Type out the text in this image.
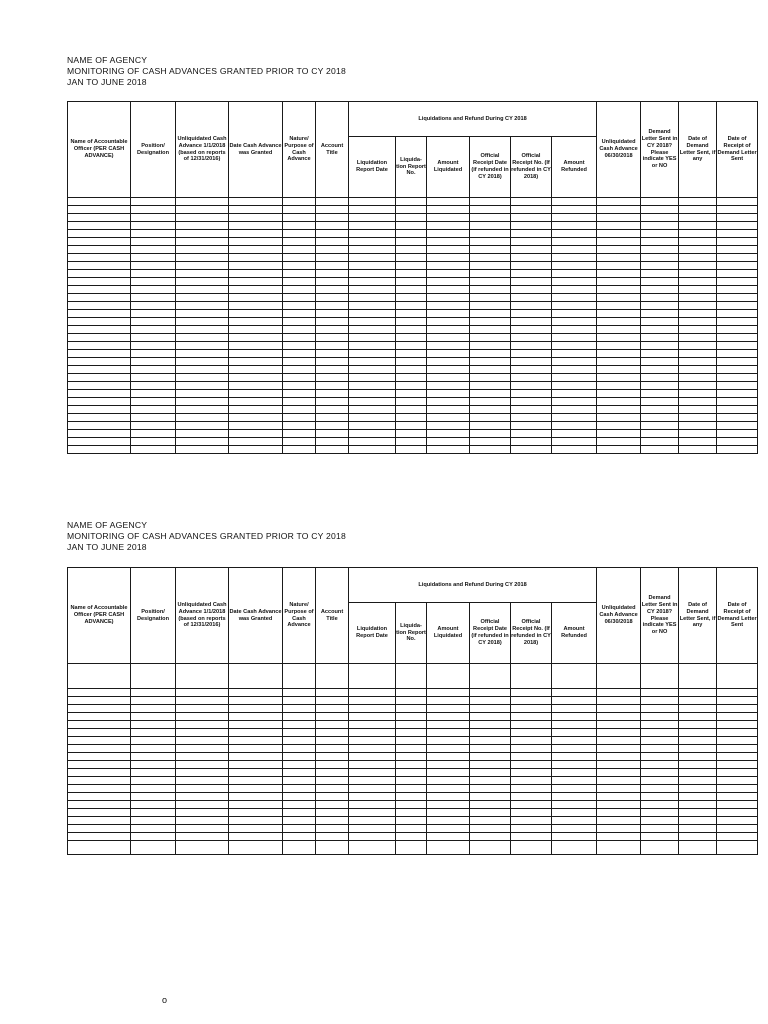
NAME OF AGENCY
MONITORING OF CASH ADVANCES GRANTED PRIOR TO CY 2018
JAN TO JUNE 2018
Name of Accountable Officer (PER CASH ADVANCE)	Position/ Designation	Unliquidated Cash Advance 1/1/2018 (based on reports of 12/31/2016)	Date Cash Advance was Granted	Nature/ Purpose of Cash Advance	Account Title	Liquidations and Refund During CY 2018						Unliquidated Cash Advance 06/30/2018	Demand Letter Sent in CY 2018? Please indicate YES or NO	Date of Demand Letter Sent, if any	Date of Receipt of Demand Letter Sent
						Liquidation Report Date	Liquida-tion Report No.	Amount Liquidated	Official Receipt Date (if refunded in CY 2018)	Official Receipt No. (If refunded in CY 2018)	Amount Refunded				

NAME OF AGENCY
MONITORING OF CASH ADVANCES GRANTED PRIOR TO CY 2018
JAN TO JUNE 2018
Name of Accountable Officer (PER CASH ADVANCE)	Position/ Designation	Unliquidated Cash Advance 1/1/2018 (based on reports of 12/31/2016)	Date Cash Advance was Granted	Nature/ Purpose of Cash Advance	Account Title	Liquidations and Refund During CY 2018						Unliquidated Cash Advance 06/30/2018	Demand Letter Sent in CY 2018? Please indicate YES or NO	Date of Demand Letter Sent, if any	Date of Receipt of Demand Letter Sent
						Liquidation Report Date	Liquida-tion Report No.	Amount Liquidated	Official Receipt Date (if refunded in CY 2018)	Official Receipt No. (If refunded in CY 2018)	Amount Refunded				

o
